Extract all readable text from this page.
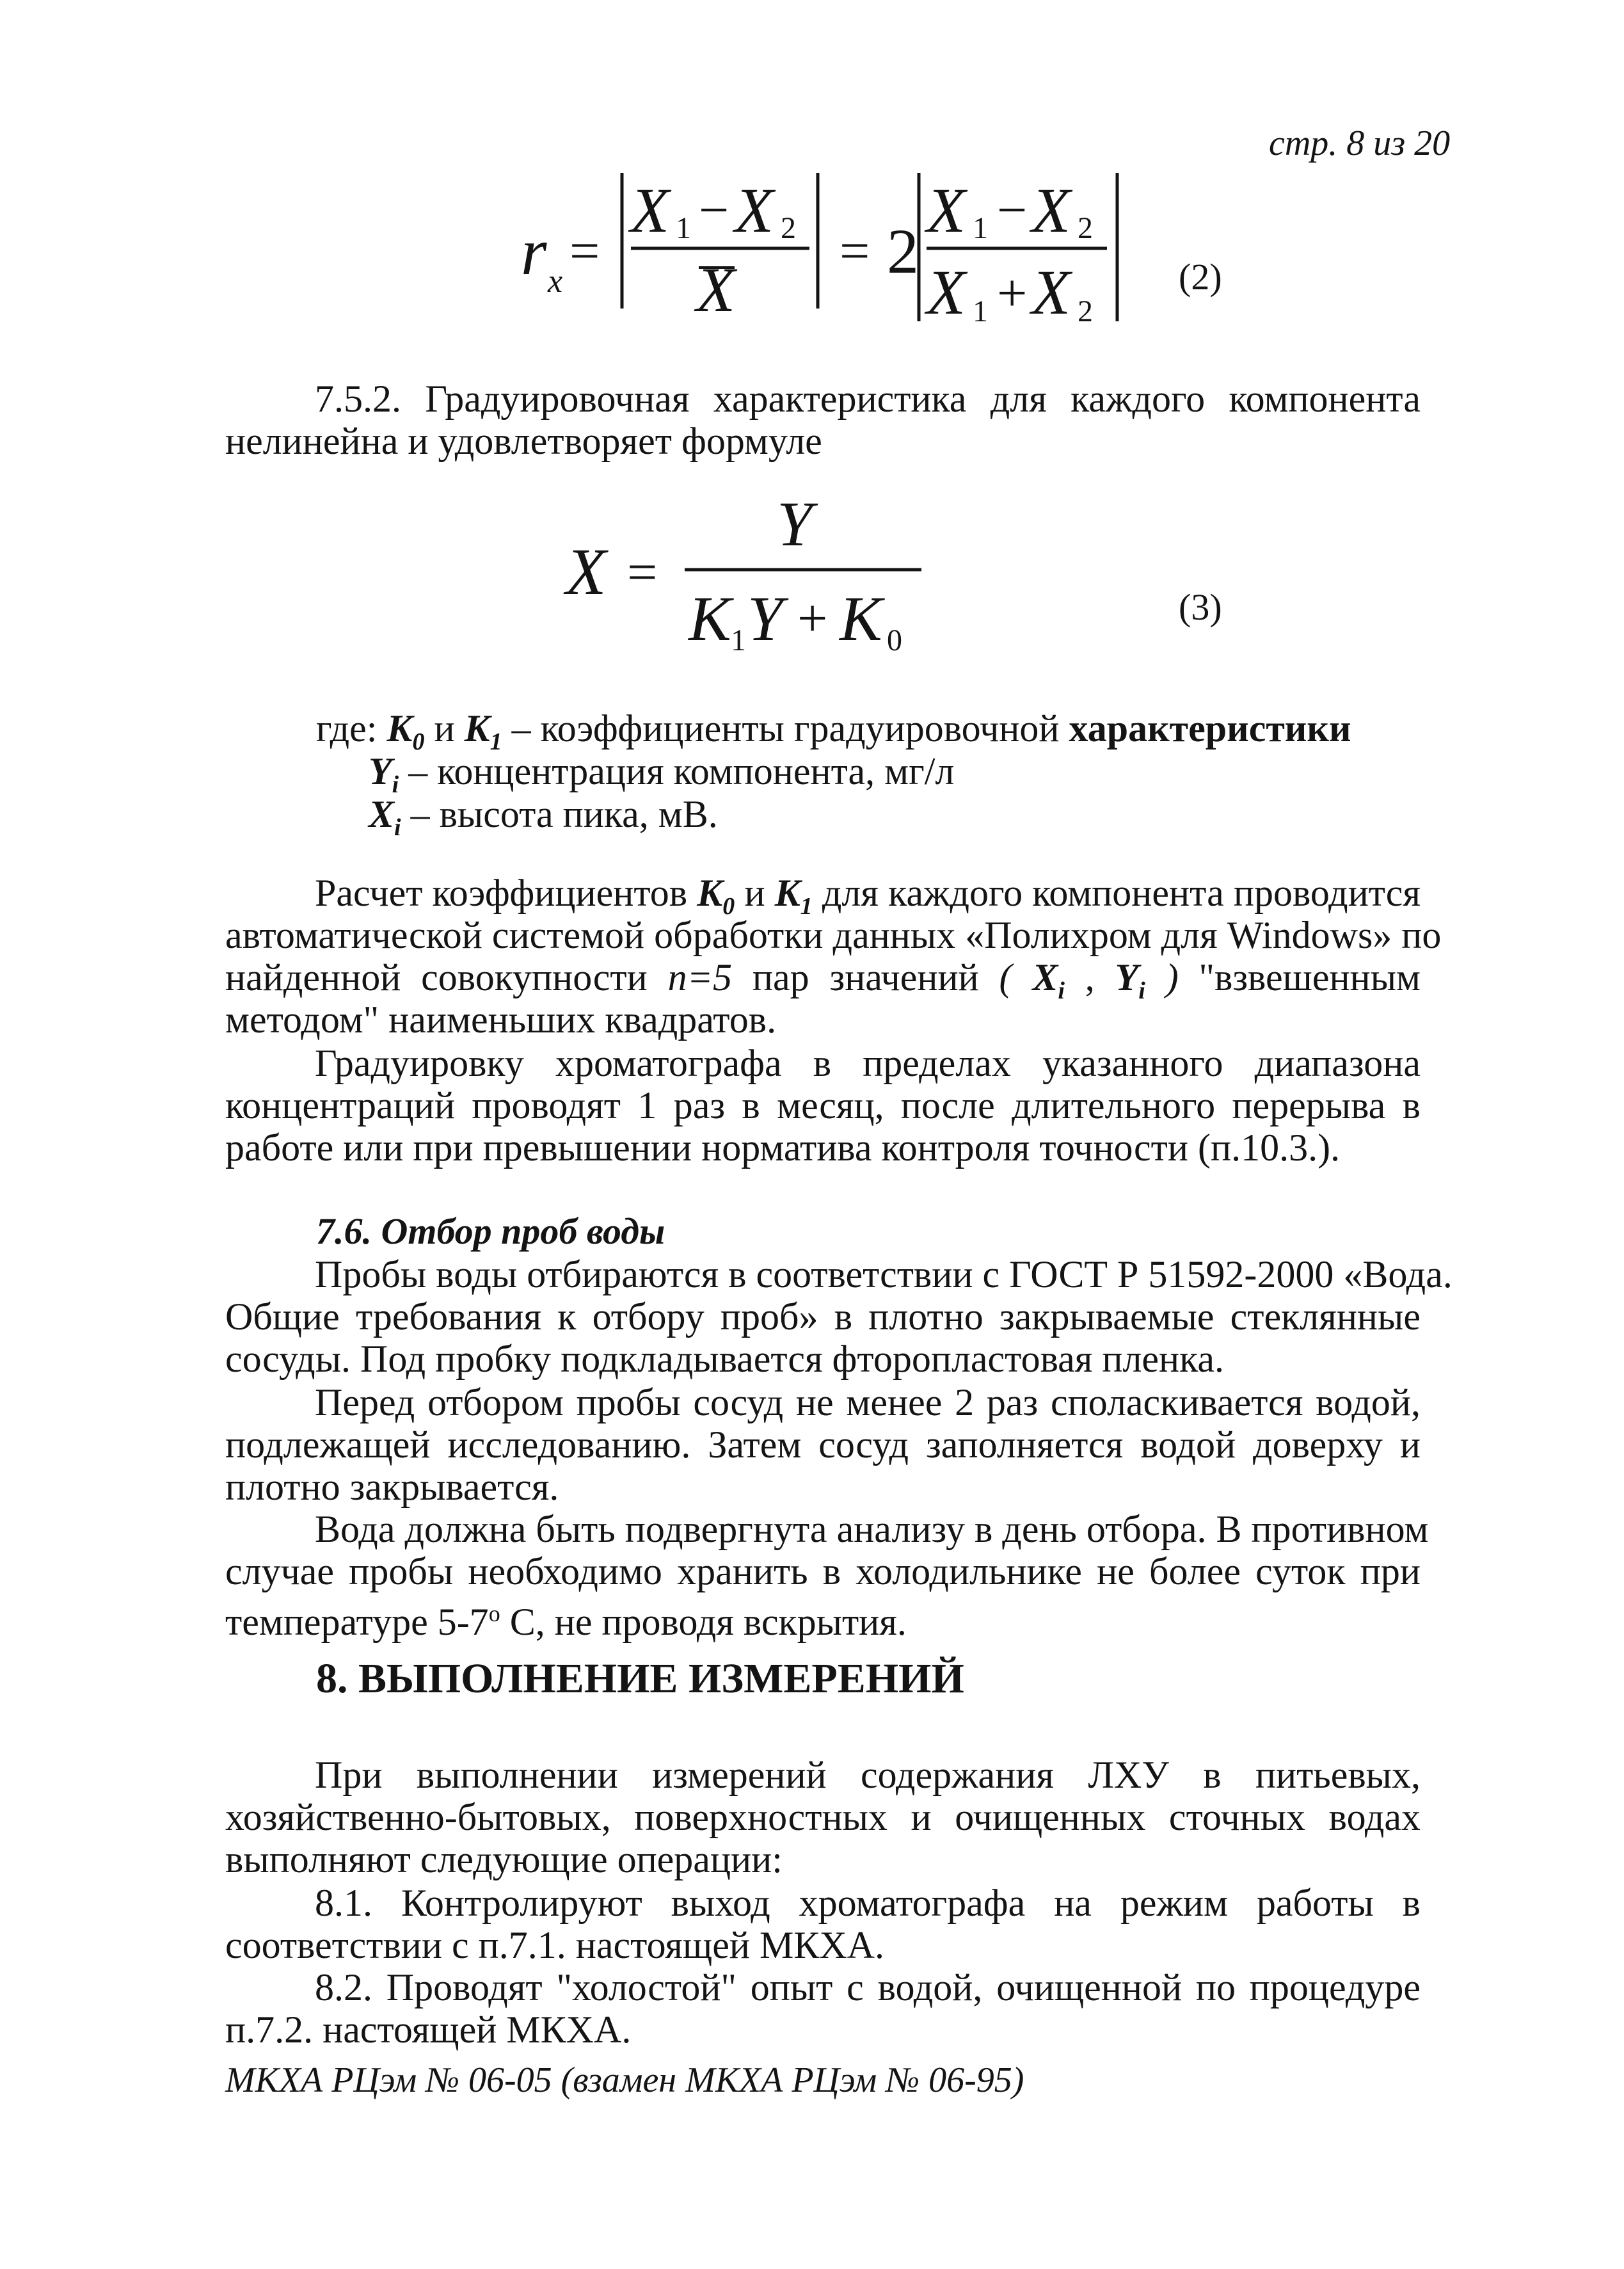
стр. 8 из 20
r x
=
X 1 − X 2
X
= 2
X 1 − X 2
X 1 + X 2
(2)
7.5.2. Градуировочная характеристика для каждого компонента
нелинейна и удовлетворяет формуле
X =
Y
K 1 Y + K 0
(3)
где: $K_0$ и $K_1$ – коэффициенты градуировочной характеристики
$Y_i$ – концентрация компонента, мг/л
$X_i$ – высота пика, мВ.
Расчет коэффициентов $K_0$ и $K_1$ для каждого компонента проводится
автоматической системой обработки данных «Полихром для Windows» по
найденной совокупности n=5 пар значений ( $X_i$ , $Y_i$ ) "взвешенным
методом" наименьших квадратов.
Градуировку хроматографа в пределах указанного диапазона
концентраций проводят 1 раз в месяц, после длительного перерыва в
работе или при превышении норматива контроля точности (п.10.3.).
7.6. Отбор проб воды
Пробы воды отбираются в соответствии с ГОСТ Р 51592-2000 «Вода.
Общие требования к отбору проб» в плотно закрываемые стеклянные
сосуды. Под пробку подкладывается фторопластовая пленка.
Перед отбором пробы сосуд не менее 2 раз споласкивается водой,
подлежащей исследованию. Затем сосуд заполняется водой доверху и
плотно закрывается.
Вода должна быть подвергнута анализу в день отбора. В противном
случае пробы необходимо хранить в холодильнике не более суток при
температуре $5-7^о$ С, не проводя вскрытия.
8. ВЫПОЛНЕНИЕ ИЗМЕРЕНИЙ
При выполнении измерений содержания ЛХУ в питьевых,
хозяйственно-бытовых, поверхностных и очищенных сточных водах
выполняют следующие операции:
8.1. Контролируют выход хроматографа на режим работы в
соответствии с п.7.1. настоящей МКХА.
8.2. Проводят "холостой" опыт с водой, очищенной по процедуре
п.7.2. настоящей МКХА.
МКХА РЦэм № 06-05 (взамен МКХА РЦэм № 06-95)
